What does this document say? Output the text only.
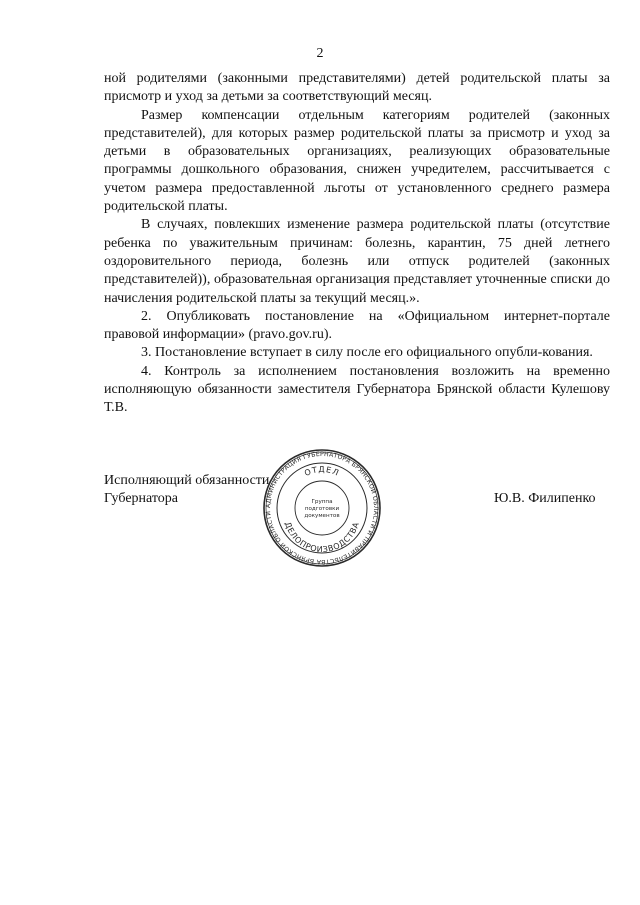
2

ной родителями (законными представителями) детей родительской платы за присмотр и уход за детьми за соответствующий месяц.

Размер компенсации отдельным категориям родителей (законных представителей), для которых размер родительской платы за присмотр и уход за детьми в образовательных организациях, реализующих образовательные программы дошкольного образования, снижен учредителем, рассчитывается с учетом размера предоставленной льготы от установленного среднего размера родительской платы.

В случаях, повлекших изменение размера родительской платы (отсутствие ребенка по уважительным причинам: болезнь, карантин, 75 дней летнего оздоровительного периода, болезнь или отпуск родителей (законных представителей)), образовательная организация представляет уточненные списки до начисления родительской платы за текущий месяц.».

2. Опубликовать постановление на «Официальном интернет-портале правовой информации» (pravo.gov.ru).

3. Постановление вступает в силу после его официального опубли-кования.

4. Контроль за исполнением постановления возложить на временно исполняющую обязанности заместителя Губернатора Брянской области Кулешову Т.В.

Исполняющий обязанности
Губернатора	Ю.В. Филипенко
АДМИНИСТРАЦИЯ ГУБЕРНАТОРА БРЯНСКОЙ ОБЛАСТИ И ПРАВИТЕЛЬСТВА БРЯНСКОЙ ОБЛАСТИ
ОТДЕЛ
ДЕЛОПРОИЗВОДСТВА
Группа
подготовки
документов
